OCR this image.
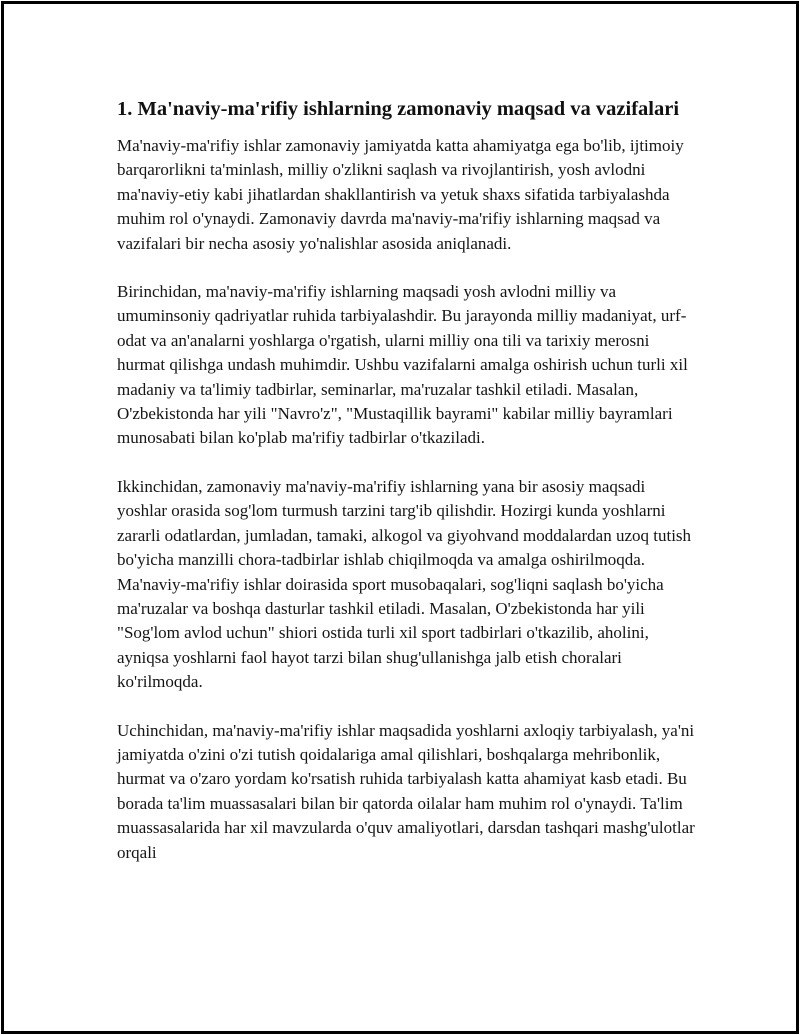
1. Ma'naviy-ma'rifiy ishlarning zamonaviy maqsad va vazifalari

Ma'naviy-ma'rifiy ishlar zamonaviy jamiyatda katta ahamiyatga ega bo'lib, ijtimoiy barqarorlikni ta'minlash, milliy o'zlikni saqlash va rivojlantirish, yosh avlodni ma'naviy-etiy kabi jihatlardan shakllantirish va yetuk shaxs sifatida tarbiyalashda muhim rol o'ynaydi. Zamonaviy davrda ma'naviy-ma'rifiy ishlarning maqsad va vazifalari bir necha asosiy yo'nalishlar asosida aniqlanadi.

Birinchidan, ma'naviy-ma'rifiy ishlarning maqsadi yosh avlodni milliy va umuminsoniy qadriyatlar ruhida tarbiyalashdir. Bu jarayonda milliy madaniyat, urf-odat va an'analarni yoshlarga o'rgatish, ularni milliy ona tili va tarixiy merosni hurmat qilishga undash muhimdir. Ushbu vazifalarni amalga oshirish uchun turli xil madaniy va ta'limiy tadbirlar, seminarlar, ma'ruzalar tashkil etiladi. Masalan, O'zbekistonda har yili "Navro'z", "Mustaqillik bayrami" kabilar milliy bayramlari munosabati bilan ko'plab ma'rifiy tadbirlar o'tkaziladi.

Ikkinchidan, zamonaviy ma'naviy-ma'rifiy ishlarning yana bir asosiy maqsadi yoshlar orasida sog'lom turmush tarzini targ'ib qilishdir. Hozirgi kunda yoshlarni zararli odatlardan, jumladan, tamaki, alkogol va giyohvand moddalardan uzoq tutish bo'yicha manzilli chora-tadbirlar ishlab chiqilmoqda va amalga oshirilmoqda. Ma'naviy-ma'rifiy ishlar doirasida sport musobaqalari, sog'liqni saqlash bo'yicha ma'ruzalar va boshqa dasturlar tashkil etiladi. Masalan, O'zbekistonda har yili "Sog'lom avlod uchun" shiori ostida turli xil sport tadbirlari o'tkazilib, aholini, ayniqsa yoshlarni faol hayot tarzi bilan shug'ullanishga jalb etish choralari ko'rilmoqda.

Uchinchidan, ma'naviy-ma'rifiy ishlar maqsadida yoshlarni axloqiy tarbiyalash, ya'ni jamiyatda o'zini o'zi tutish qoidalariga amal qilishlari, boshqalarga mehribonlik, hurmat va o'zaro yordam ko'rsatish ruhida tarbiyalash katta ahamiyat kasb etadi. Bu borada ta'lim muassasalari bilan bir qatorda oilalar ham muhim rol o'ynaydi. Ta'lim muassasalarida har xil mavzularda o'quv amaliyotlari, darsdan tashqari mashg'ulotlar orqali
